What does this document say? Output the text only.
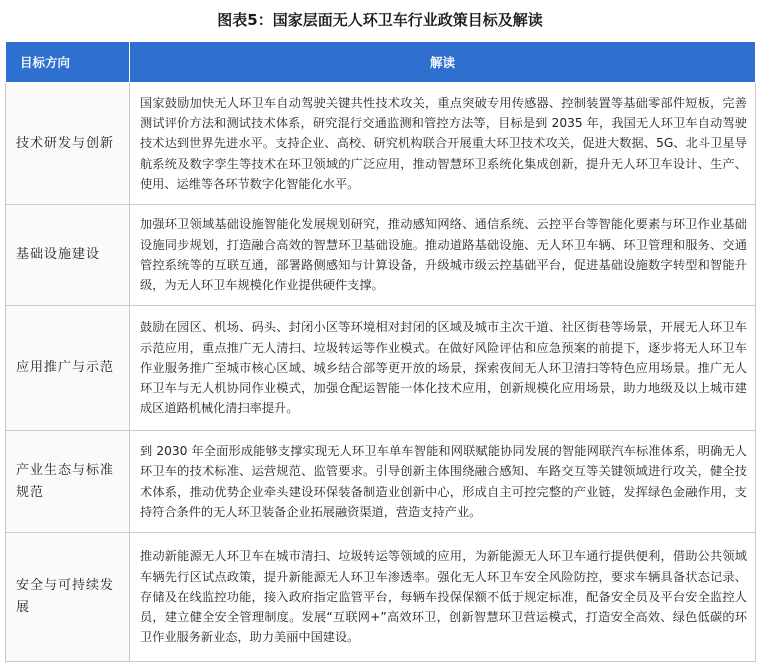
图表5：国家层面无人环卫车行业政策目标及解读
目标方向	解读
技术研发与创新	国家鼓励加快无人环卫车自动驾驶关键共性技术攻关，重点突破专用传感器、控制装置等基础零部件短板，完善测试评价方法和测试技术体系，研究混行交通监测和管控方法等，目标是到 2035 年，我国无人环卫车自动驾驶技术达到世界先进水平。支持企业、高校、研究机构联合开展重大环卫技术攻关，促进大数据、5G、北斗卫星导航系统及数字孪生等技术在环卫领域的广泛应用，推动智慧环卫系统化集成创新，提升无人环卫车设计、生产、使用、运维等各环节数字化智能化水平。
基础设施建设	加强环卫领域基础设施智能化发展规划研究，推动感知网络、通信系统、云控平台等智能化要素与环卫作业基础设施同步规划，打造融合高效的智慧环卫基础设施。推动道路基础设施、无人环卫车辆、环卫管理和服务、交通管控系统等的互联互通，部署路侧感知与计算设备，升级城市级云控基础平台，促进基础设施数字转型和智能升级，为无人环卫车规模化作业提供硬件支撑。
应用推广与示范	鼓励在园区、机场、码头、封闭小区等环境相对封闭的区域及城市主次干道、社区街巷等场景，开展无人环卫车示范应用，重点推广无人清扫、垃圾转运等作业模式。在做好风险评估和应急预案的前提下，逐步将无人环卫车作业服务推广至城市核心区域、城乡结合部等更开放的场景，探索夜间无人环卫清扫等特色应用场景。推广无人环卫车与无人机协同作业模式，加强仓配运智能一体化技术应用，创新规模化应用场景，助力地级及以上城市建成区道路机械化清扫率提升。
产业生态与标准规范	到 2030 年全面形成能够支撑实现无人环卫车单车智能和网联赋能协同发展的智能网联汽车标准体系，明确无人环卫车的技术标准、运营规范、监管要求。引导创新主体围绕融合感知、车路交互等关键领域进行攻关，健全技术体系，推动优势企业牵头建设环保装备制造业创新中心，形成自主可控完整的产业链，发挥绿色金融作用，支持符合条件的无人环卫装备企业拓展融资渠道，营造支持产业。
安全与可持续发展	推动新能源无人环卫车在城市清扫、垃圾转运等领域的应用，为新能源无人环卫车通行提供便利，借助公共领域车辆先行区试点政策，提升新能源无人环卫车渗透率。强化无人环卫车安全风险防控，要求车辆具备状态记录、存储及在线监控功能，接入政府指定监管平台，每辆车投保保额不低于规定标准，配备安全员及平台安全监控人员，建立健全安全管理制度。发展“互联网+”高效环卫，创新智慧环卫营运模式，打造安全高效、绿色低碳的环卫作业服务新业态，助力美丽中国建设。
